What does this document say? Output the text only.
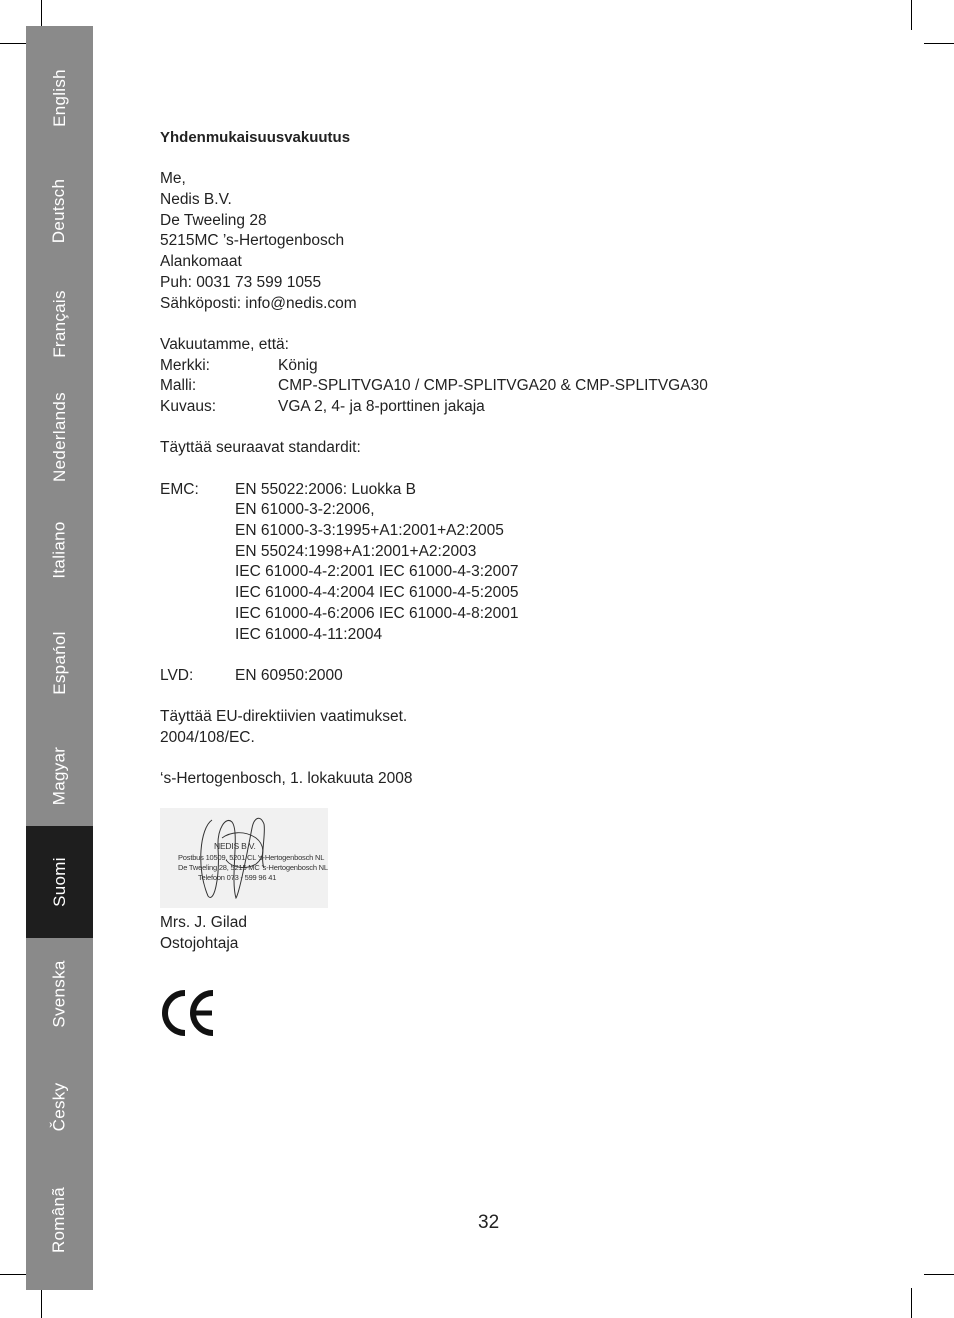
English
Deutsch
Français
Nederlands
Italiano
Espańol
Magyar
Suomi
Svenska
Česky
Românã
Yhdenmukaisuusvakuutus
Me,
Nedis B.V.
De Tweeling 28
5215MC ’s-Hertogenbosch
Alankomaat
Puh: 0031 73 599 1055
Sähköposti: info@nedis.com
Vakuutamme, että:
Merkki:	König
Malli:	CMP-SPLITVGA10 / CMP-SPLITVGA20 & CMP-SPLITVGA30
Kuvaus:	VGA 2, 4- ja 8-porttinen jakaja
Täyttää seuraavat standardit:
EMC: EN 55022:2006: Luokka B
EN 61000-3-2:2006,
EN 61000-3-3:1995+A1:2001+A2:2005
EN 55024:1998+A1:2001+A2:2003
IEC 61000-4-2:2001 IEC 61000-4-3:2007
IEC 61000-4-4:2004 IEC 61000-4-5:2005
IEC 61000-4-6:2006 IEC 61000-4-8:2001
IEC 61000-4-11:2004
LVD:	EN 60950:2000
Täyttää EU-direktiivien vaatimukset.
2004/108/EC.
‘s-Hertogenbosch, 1. lokakuuta 2008
NEDIS B.V.
Postbus 10509, 5201 CL 's-Hertogenbosch NL
De Tweeling 28, 5215 MC 's-Hertogenbosch NL
Telefoon 073 - 599 96 41
Mrs. J. Gilad
Ostojohtaja
32
